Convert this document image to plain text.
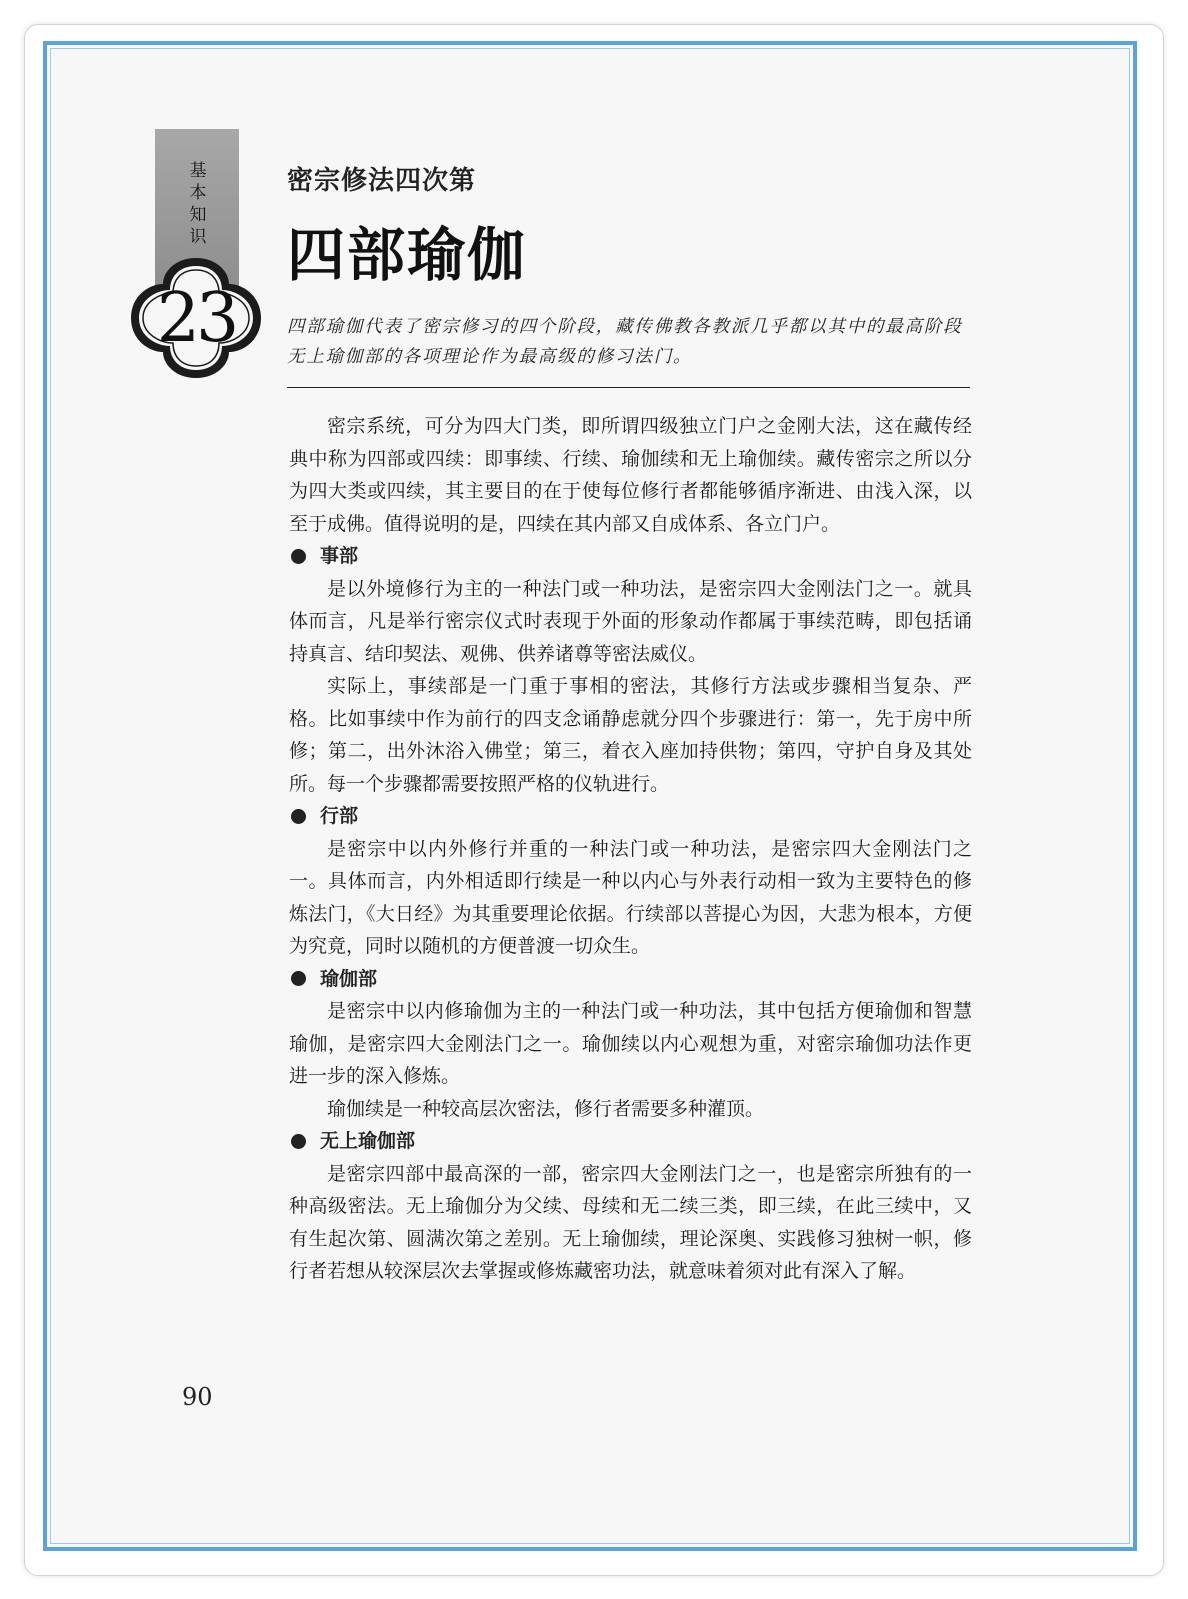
基本知识
23
密宗修法四次第
四部瑜伽
四部瑜伽代表了密宗修习的四个阶段，藏传佛教各教派几乎都以其中的最高阶段无上瑜伽部的各项理论作为最高级的修习法门。

密宗系统，可分为四大门类，即所谓四级独立门户之金刚大法，这在藏传经典中称为四部或四续：即事续、行续、瑜伽续和无上瑜伽续。藏传密宗之所以分为四大类或四续，其主要目的在于使每位修行者都能够循序渐进、由浅入深，以至于成佛。值得说明的是，四续在其内部又自成体系、各立门户。

事部

是以外境修行为主的一种法门或一种功法，是密宗四大金刚法门之一。就具体而言，凡是举行密宗仪式时表现于外面的形象动作都属于事续范畴，即包括诵持真言、结印契法、观佛、供养诸尊等密法威仪。

实际上，事续部是一门重于事相的密法，其修行方法或步骤相当复杂、严格。比如事续中作为前行的四支念诵静虑就分四个步骤进行：第一，先于房中所修；第二，出外沐浴入佛堂；第三，着衣入座加持供物；第四，守护自身及其处所。每一个步骤都需要按照严格的仪轨进行。

行部

是密宗中以内外修行并重的一种法门或一种功法，是密宗四大金刚法门之一。具体而言，内外相适即行续是一种以内心与外表行动相一致为主要特色的修炼法门，《大日经》为其重要理论依据。行续部以菩提心为因，大悲为根本，方便为究竟，同时以随机的方便普渡一切众生。

瑜伽部

是密宗中以内修瑜伽为主的一种法门或一种功法，其中包括方便瑜伽和智慧瑜伽，是密宗四大金刚法门之一。瑜伽续以内心观想为重，对密宗瑜伽功法作更进一步的深入修炼。

瑜伽续是一种较高层次密法，修行者需要多种灌顶。

无上瑜伽部

是密宗四部中最高深的一部，密宗四大金刚法门之一，也是密宗所独有的一种高级密法。无上瑜伽分为父续、母续和无二续三类，即三续，在此三续中，又有生起次第、圆满次第之差别。无上瑜伽续，理论深奥、实践修习独树一帜，修行者若想从较深层次去掌握或修炼藏密功法，就意味着须对此有深入了解。

90
